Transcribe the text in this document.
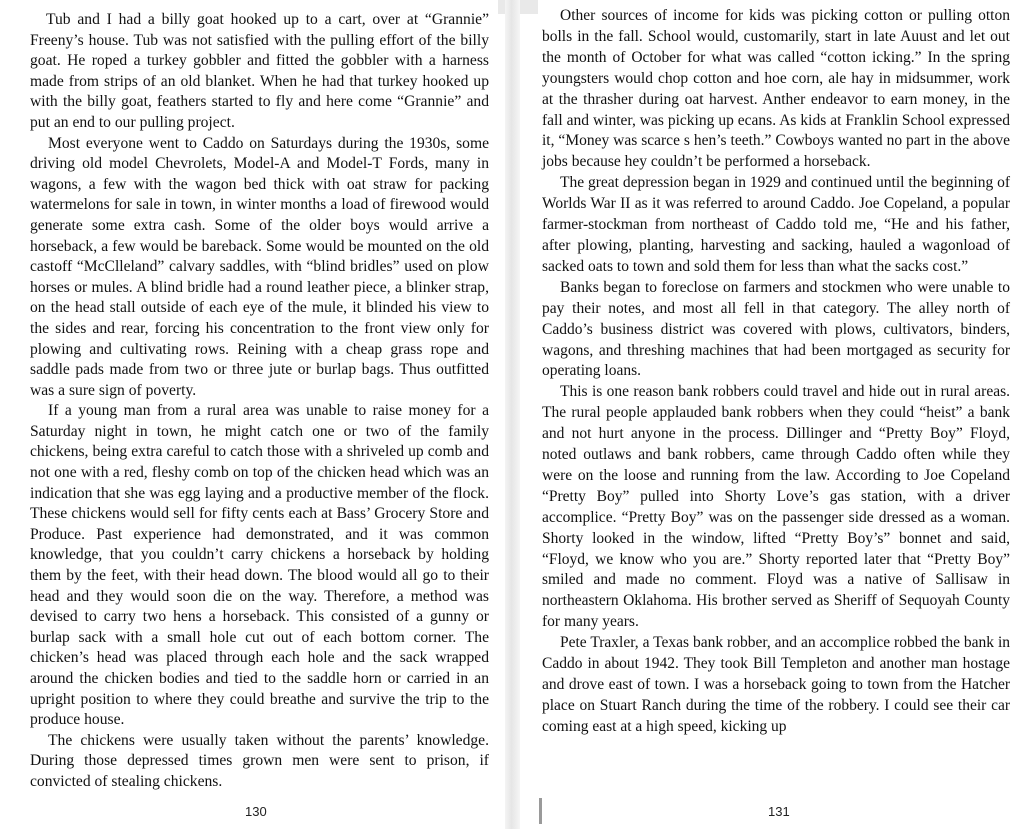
Tub and I had a billy goat hooked up to a cart, over at “Grannie” Freeny’s house. Tub was not satisfied with the pulling effort of the billy goat. He roped a turkey gobbler and fitted the gobbler with a harness made from strips of an old blanket. When he had that turkey hooked up with the billy goat, feathers started to fly and here come “Grannie” and put an end to our pulling project.

Most everyone went to Caddo on Saturdays during the 1930s, some driving old model Chevrolets, Model-A and Model-T Fords, many in wagons, a few with the wagon bed thick with oat straw for packing watermelons for sale in town, in winter months a load of firewood would generate some extra cash. Some of the older boys would arrive a horseback, a few would be bareback. Some would be mounted on the old castoff “McClleland” calvary saddles, with “blind bridles” used on plow horses or mules. A blind bridle had a round leather piece, a blinker strap, on the head stall outside of each eye of the mule, it blinded his view to the sides and rear, forcing his concentration to the front view only for plowing and cultivating rows. Reining with a cheap grass rope and saddle pads made from two or three jute or burlap bags. Thus outfitted was a sure sign of poverty.

If a young man from a rural area was unable to raise money for a Saturday night in town, he might catch one or two of the family chickens, being extra careful to catch those with a shriveled up comb and not one with a red, fleshy comb on top of the chicken head which was an indication that she was egg laying and a productive member of the flock. These chickens would sell for fifty cents each at Bass’ Grocery Store and Produce. Past experience had demonstrated, and it was common knowledge, that you couldn’t carry chickens a horseback by holding them by the feet, with their head down. The blood would all go to their head and they would soon die on the way. Therefore, a method was devised to carry two hens a horseback. This consisted of a gunny or burlap sack with a small hole cut out of each bottom corner. The chicken’s head was placed through each hole and the sack wrapped around the chicken bodies and tied to the saddle horn or carried in an upright position to where they could breathe and survive the trip to the produce house.

The chickens were usually taken without the parents’ knowledge. During those depressed times grown men were sent to prison, if convicted of stealing chickens.

Other sources of income for kids was picking cotton or pulling otton bolls in the fall. School would, customarily, start in late Auust and let out the month of October for what was called “cotton icking.” In the spring youngsters would chop cotton and hoe corn, ale hay in midsummer, work at the thrasher during oat harvest. Anther endeavor to earn money, in the fall and winter, was picking up ecans. As kids at Franklin School expressed it, “Money was scarce s hen’s teeth.” Cowboys wanted no part in the above jobs because hey couldn’t be performed a horseback.

The great depression began in 1929 and continued until the beginning of Worlds War II as it was referred to around Caddo. Joe Copeland, a popular farmer-stockman from northeast of Caddo told me, “He and his father, after plowing, planting, harvesting and sacking, hauled a wagonload of sacked oats to town and sold them for less than what the sacks cost.”

Banks began to foreclose on farmers and stockmen who were unable to pay their notes, and most all fell in that category. The alley north of Caddo’s business district was covered with plows, cultivators, binders, wagons, and threshing machines that had been mortgaged as security for operating loans.

This is one reason bank robbers could travel and hide out in rural areas. The rural people applauded bank robbers when they could “heist” a bank and not hurt anyone in the process. Dillinger and “Pretty Boy” Floyd, noted outlaws and bank robbers, came through Caddo often while they were on the loose and running from the law. According to Joe Copeland “Pretty Boy” pulled into Shorty Love’s gas station, with a driver accomplice. “Pretty Boy” was on the passenger side dressed as a woman. Shorty looked in the window, lifted “Pretty Boy’s” bonnet and said, “Floyd, we know who you are.” Shorty reported later that “Pretty Boy” smiled and made no comment. Floyd was a native of Sallisaw in northeastern Oklahoma. His brother served as Sheriff of Sequoyah County for many years.

Pete Traxler, a Texas bank robber, and an accomplice robbed the bank in Caddo in about 1942. They took Bill Templeton and another man hostage and drove east of town. I was a horseback going to town from the Hatcher place on Stuart Ranch during the time of the robbery. I could see their car coming east at a high speed, kicking up

130	131
